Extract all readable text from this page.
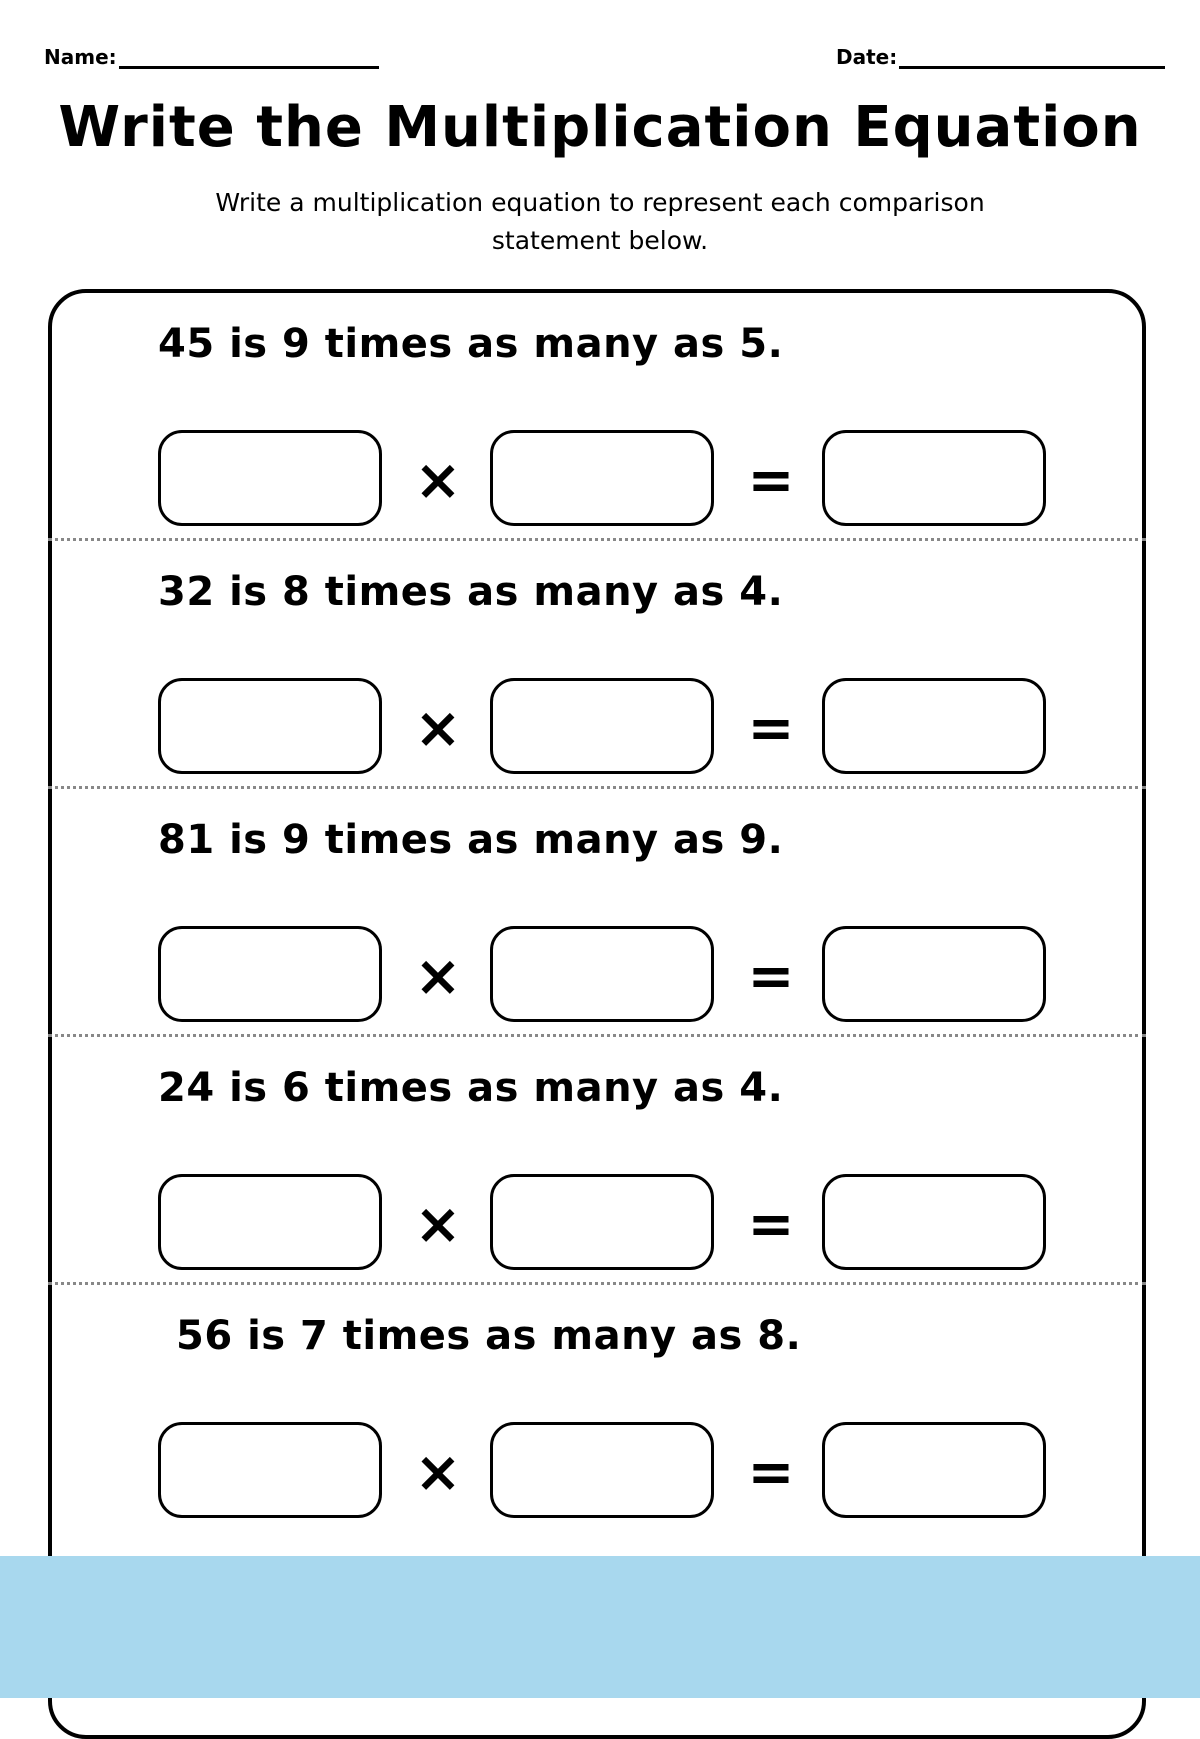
Name:	Date:
Write the Multiplication Equation
Write a multiplication equation to represent each comparison statement below.
45 is 9 times as many as 5.
×	=
32 is 8 times as many as 4.
×	=
81 is 9 times as many as 9.
×	=
24 is 6 times as many as 4.
×	=
56 is 7 times as many as 8.
×	=
